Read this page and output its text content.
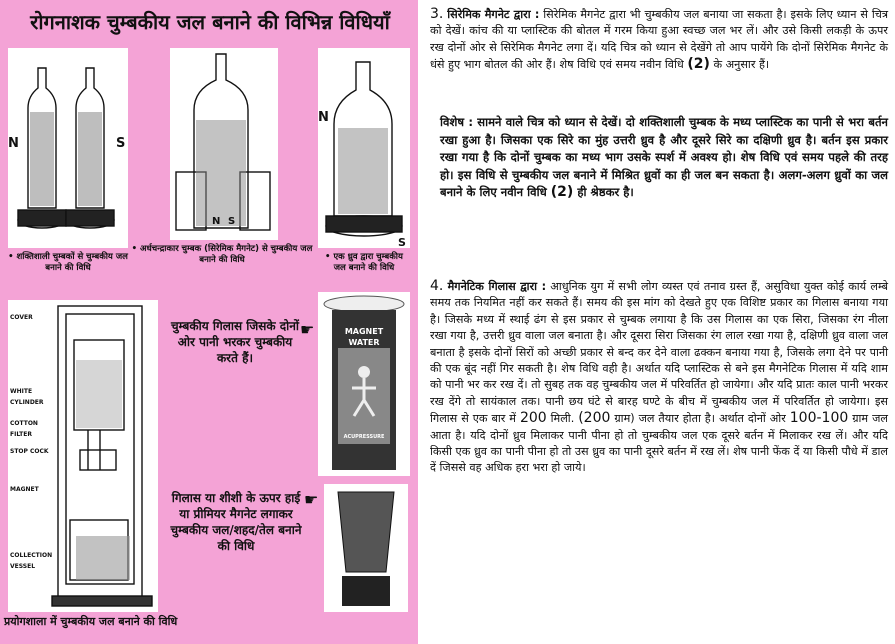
रोगनाशक चुम्बकीय जल बनाने की विभिन्न विधियाँ
N	S
• शक्तिशाली चुम्बकों से चुम्बकीय जल बनाने की विधि
N S
• अर्धचन्द्राकार चुम्बक (सिरेमिक मैगनेट) से चुम्बकीय जल बनाने की विधि
N
S
• एक ध्रुव द्वारा चुम्बकीय जल बनाने की विधि
COVER
WHITE CYLINDER
COTTON FILTER
STOP COCK
MAGNET
COLLECTION VESSEL
प्रयोगशाला में चुम्बकीय जल बनाने की विधि
चुम्बकीय गिलास जिसके दोनों ओर पानी भरकर चुम्बकीय करते हैं।
☛	MAGNET WATER
ACUPRESSURE
गिलास या शीशी के ऊपर हाई या प्रीमियर मैगनेट लगाकर चुम्बकीय जल/शहद/तेल बनाने की विधि
☛

3. सिरेमिक मैगनेट द्वारा : सिरेमिक मैगनेट द्वारा भी चुम्बकीय जल बनाया जा सकता है। इसके लिए ध्यान से चित्र को देखें। कांच की या प्लास्टिक की बोतल में गरम किया हुआ स्वच्छ जल भर लें। और उसे किसी लकड़ी के ऊपर रख दोनों ओर से सिरेमिक मैगनेट लगा दें। यदि चित्र को ध्यान से देखेंगे तो आप पायेंगे कि दोनों सिरेमिक मैगनेट के धंसे हुए भाग बोतल की ओर हैं। शेष विधि एवं समय नवीन विधि (2) के अनुसार हैं।

विशेष : सामने वाले चित्र को ध्यान से देखें। दो शक्तिशाली चुम्बक के मध्य प्लास्टिक का पानी से भरा बर्तन रखा हुआ है। जिसका एक सिरे का मुंह उत्तरी ध्रुव है और दूसरे सिरे का दक्षिणी ध्रुव है। बर्तन इस प्रकार रखा गया है कि दोनों चुम्बक का मध्य भाग उसके स्पर्श में अवश्य हो। शेष विधि एवं समय पहले की तरह हो। इस विधि से चुम्बकीय जल बनाने में मिश्रित ध्रुवों का ही जल बन सकता है। अलग-अलग ध्रुवों का जल बनाने के लिए नवीन विधि (2) ही श्रेष्ठकर है।

4. मैगनेटिक गिलास द्वारा : आधुनिक युग में सभी लोग व्यस्त एवं तनाव ग्रस्त हैं, असुविधा युक्त कोई कार्य लम्बे समय तक नियमित नहीं कर सकते हैं। समय की इस मांग को देखते हुए एक विशिष्ट प्रकार का गिलास बनाया गया है। जिसके मध्य में स्थाई ढंग से इस प्रकार से चुम्बक लगाया है कि उस गिलास का एक सिरा, जिसका रंग नीला रखा गया है, उत्तरी ध्रुव वाला जल बनाता है। और दूसरा सिरा जिसका रंग लाल रखा गया है, दक्षिणी ध्रुव वाला जल बनाता है इसके दोनों सिरों को अच्छी प्रकार से बन्द कर देने वाला ढक्कन बनाया गया है, जिसके लगा देने पर पानी की एक बूंद नहीं गिर सकती है। शेष विधि वही है। अर्थात यदि प्लास्टिक से बने इस मैगनेटिक गिलास में यदि शाम को पानी भर कर रख दें। तो सुबह तक वह चुम्बकीय जल में परिवर्तित हो जायेगा। और यदि प्रातः काल पानी भरकर रख देंगे तो सायंकाल तक। पानी छय घंटे से बारह घण्टे के बीच में चुम्बकीय जल में परिवर्तित हो जायेगा। इस गिलास से एक बार में 200 मिली. (200 ग्राम) जल तैयार होता है। अर्थात दोनों ओर 100-100 ग्राम जल आता है। यदि दोनों ध्रुव मिलाकर पानी पीना हो तो चुम्बकीय जल एक दूसरे बर्तन में मिलाकर रख लें। और यदि किसी एक ध्रुव का पानी पीना हो तो उस ध्रुव का पानी दूसरे बर्तन में रख लें। शेष पानी फेंक दें या किसी पौधे में डाल दें जिससे वह अधिक हरा भरा हो जाये।
